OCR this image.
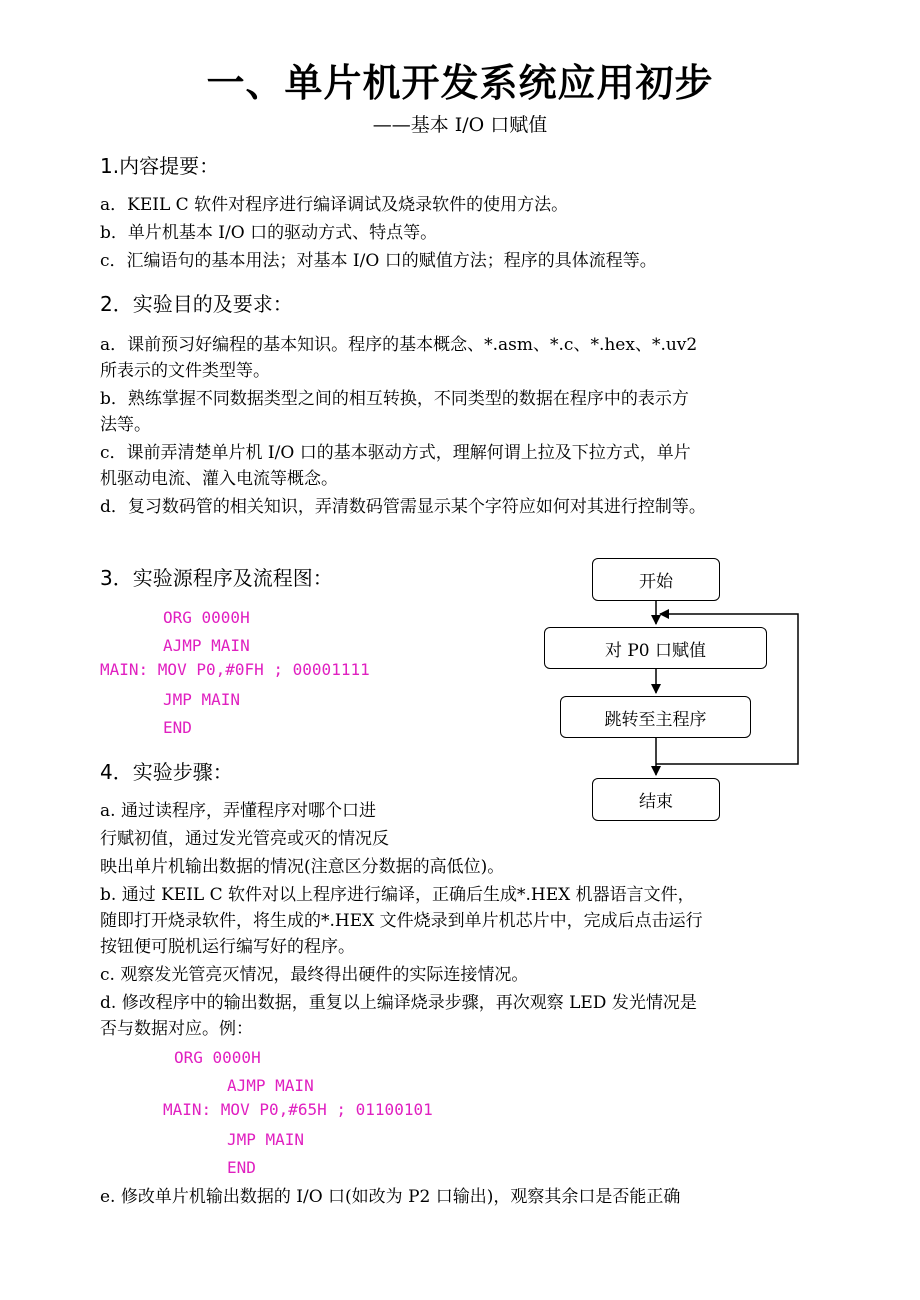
一、单片机开发系统应用初步
——基本 I/O 口赋值
1.内容提要：
a．KEIL C 软件对程序进行编译调试及烧录软件的使用方法。
b．单片机基本 I/O 口的驱动方式、特点等。
c．汇编语句的基本用法；对基本 I/O 口的赋值方法；程序的具体流程等。
2．实验目的及要求：
a．课前预习好编程的基本知识。程序的基本概念、*.asm、*.c、*.hex、*.uv2
所表示的文件类型等。
b．熟练掌握不同数据类型之间的相互转换，不同类型的数据在程序中的表示方
法等。
c．课前弄清楚单片机 I/O 口的基本驱动方式，理解何谓上拉及下拉方式，单片
机驱动电流、灌入电流等概念。
d．复习数码管的相关知识，弄清数码管需显示某个字符应如何对其进行控制等。
3．实验源程序及流程图：
ORG 0000H
AJMP MAIN
MAIN: MOV P0,#0FH ; 00001111
JMP MAIN
END
开始
对 P0 口赋值
跳转至主程序
结束
4．实验步骤：
a. 通过读程序，弄懂程序对哪个口进
行赋初值，通过发光管亮或灭的情况反
映出单片机输出数据的情况(注意区分数据的高低位)。
b. 通过 KEIL C 软件对以上程序进行编译，正确后生成*.HEX 机器语言文件，
随即打开烧录软件，将生成的*.HEX 文件烧录到单片机芯片中，完成后点击运行
按钮便可脱机运行编写好的程序。
c. 观察发光管亮灭情况，最终得出硬件的实际连接情况。
d. 修改程序中的输出数据，重复以上编译烧录步骤，再次观察 LED 发光情况是
否与数据对应。例：
ORG 0000H
AJMP MAIN
MAIN: MOV P0,#65H ; 01100101
JMP MAIN
END
e. 修改单片机输出数据的 I/O 口(如改为 P2 口输出)，观察其余口是否能正确
